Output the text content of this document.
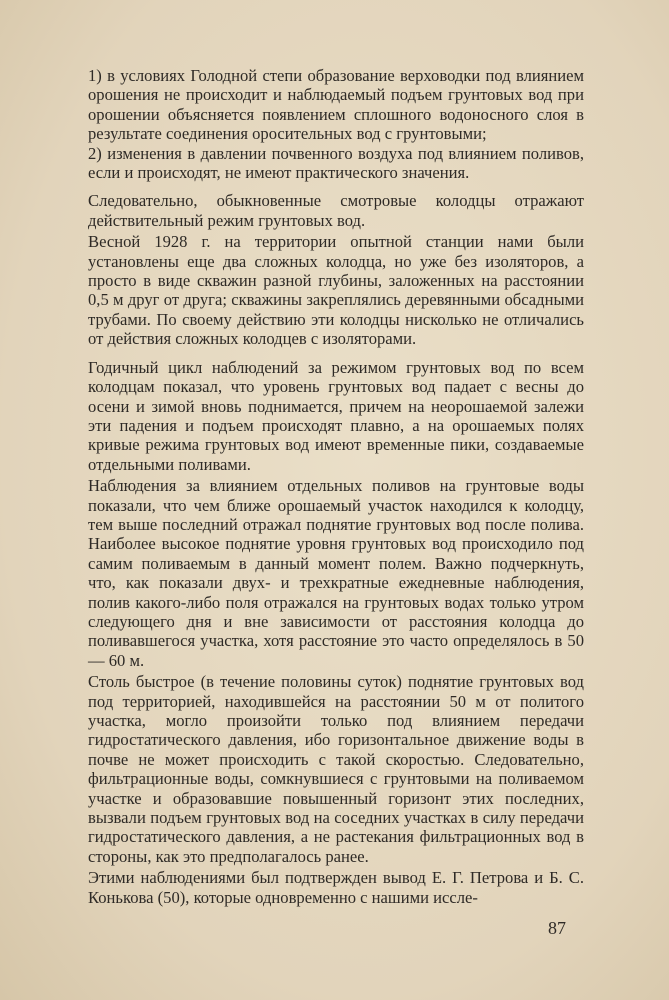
1) в условиях Голодной степи образование верховодки под влиянием орошения не происходит и наблюдаемый подъем грунтовых вод при орошении объясняется появлением сплошного водоносного слоя в результате соединения оросительных вод с грунтовыми;

2) изменения в давлении почвенного воздуха под влиянием поливов, если и происходят, не имеют практического значения.

Следовательно, обыкновенные смотровые колодцы отражают действительный режим грунтовых вод.

Весной 1928 г. на территории опытной станции нами были установлены еще два сложных колодца, но уже без изоляторов, а просто в виде скважин разной глубины, заложенных на расстоянии 0,5 м друг от друга; скважины закреплялись деревянными обсадными трубами. По своему действию эти колодцы нисколько не отличались от действия сложных колодцев с изоляторами.

Годичный цикл наблюдений за режимом грунтовых вод по всем колодцам показал, что уровень грунтовых вод падает с весны до осени и зимой вновь поднимается, причем на неорошаемой залежи эти падения и подъем происходят плавно, а на орошаемых полях кривые режима грунтовых вод имеют временные пики, создаваемые отдельными поливами.

Наблюдения за влиянием отдельных поливов на грунтовые воды показали, что чем ближе орошаемый участок находился к колодцу, тем выше последний отражал поднятие грунтовых вод после полива. Наиболее высокое поднятие уровня грунтовых вод происходило под самим поливаемым в данный момент полем. Важно подчеркнуть, что, как показали двух- и трехкратные ежедневные наблюдения, полив какого-либо поля отражался на грунтовых водах только утром следующего дня и вне зависимости от расстояния колодца до поливавшегося участка, хотя расстояние это часто определялось в 50 — 60 м.

Столь быстрое (в течение половины суток) поднятие грунтовых вод под территорией, находившейся на расстоянии 50 м от политого участка, могло произойти только под влиянием передачи гидростатического давления, ибо горизонтальное движение воды в почве не может происходить с такой скоростью. Следовательно, фильтрационные воды, сомкнувшиеся с грунтовыми на поливаемом участке и образовавшие повышенный горизонт этих последних, вызвали подъем грунтовых вод на соседних участках в силу передачи гидростатического давления, а не растекания фильтрационных вод в стороны, как это предполагалось ранее.

Этими наблюдениями был подтвержден вывод Е. Г. Петрова и Б. С. Конькова (50), которые одновременно с нашими иссле-

87
